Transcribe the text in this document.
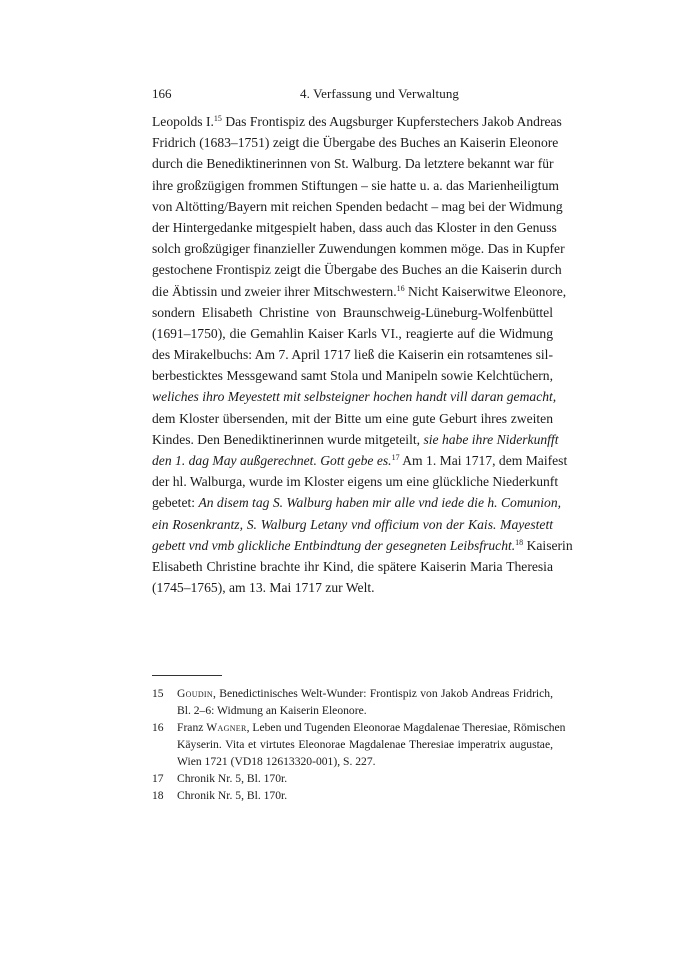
166	4. Verfassung und Verwaltung
Leopolds I.$^{15}$ Das Frontispiz des Augsburger Kupferstechers Jakob Andreas
Fridrich (1683–1751) zeigt die Übergabe des Buches an Kaiserin Eleonore
durch die Benediktinerinnen von St. Walburg. Da letztere bekannt war für
ihre großzügigen frommen Stiftungen – sie hatte u. a. das Marienheiligtum
von Altötting/Bayern mit reichen Spenden bedacht – mag bei der Widmung
der Hintergedanke mitgespielt haben, dass auch das Kloster in den Genuss
solch großzügiger finanzieller Zuwendungen kommen möge. Das in Kupfer
gestochene Frontispiz zeigt die Übergabe des Buches an die Kaiserin durch
die Äbtissin und zweier ihrer Mitschwestern.$^{16}$ Nicht Kaiserwitwe Eleonore,
sondern Elisabeth Christine von Braunschweig-Lüneburg-Wolfenbüttel
(1691–1750), die Gemahlin Kaiser Karls VI., reagierte auf die Widmung
des Mirakelbuchs: Am 7. April 1717 ließ die Kaiserin ein rotsamtenes sil-
berbesticktes Messgewand samt Stola und Manipeln sowie Kelchtüchern,
weliches ihro Meyestett mit selbsteigner hochen handt vill daran gemacht,
dem Kloster übersenden, mit der Bitte um eine gute Geburt ihres zweiten
Kindes. Den Benediktinerinnen wurde mitgeteilt, sie habe ihre Niderkunfft
den 1. dag May außgerechnet. Gott gebe es.$^{17}$ Am 1. Mai 1717, dem Maifest
der hl. Walburga, wurde im Kloster eigens um eine glückliche Niederkunft
gebetet: An disem tag S. Walburg haben mir alle vnd iede die h. Comunion,
ein Rosenkrantz, S. Walburg Letany vnd officium von der Kais. Mayestett
gebett vnd vmb glickliche Entbindtung der gesegneten Leibsfrucht.$^{18}$ Kaiserin
Elisabeth Christine brachte ihr Kind, die spätere Kaiserin Maria Theresia
(1745–1765), am 13. Mai 1717 zur Welt.
15 Goudin, Benedictinisches Welt-Wunder: Frontispiz von Jakob Andreas Fridrich,
Bl. 2–6: Widmung an Kaiserin Eleonore.
16 Franz Wagner, Leben und Tugenden Eleonorae Magdalenae Theresiae, Römischen
Käyserin. Vita et virtutes Eleonorae Magdalenae Theresiae imperatrix augustae,
Wien 1721 (VD18 12613320-001), S. 227.
17 Chronik Nr. 5, Bl. 170r.
18 Chronik Nr. 5, Bl. 170r.
